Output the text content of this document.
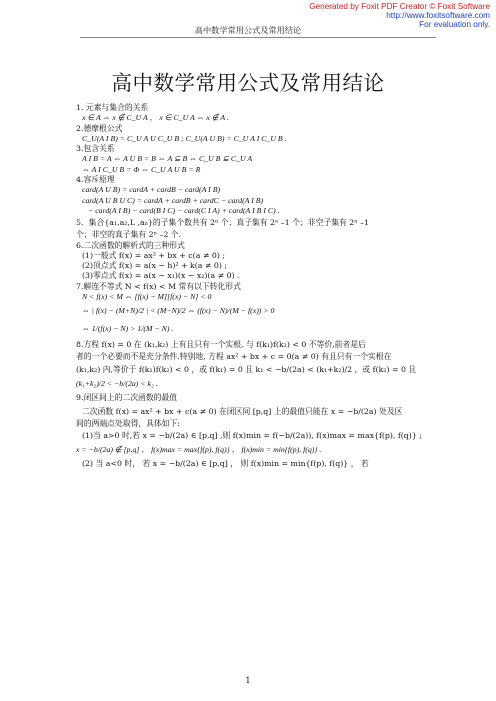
Generated by Foxit PDF Creator © Foxit Software
http://www.foxitsoftware.com
For evaluation only.
高中数学常用公式及常用结论
高中数学常用公式及常用结论
1. 元素与集合的关系
x ∈ A ⇔ x ∉ C_U A ， x ∈ C_U A ⇔ x ∉ A .
2.德摩根公式
C_U(A I B) = C_U A U C_U B ; C_U(A U B) = C_U A I C_U B .
3.包含关系
A I B = A ⇔ A U B = B ⇔ A ⊆ B ⇔ C_U B ⊆ C_U A
⇔ A I C_U B = Φ ⇔ C_U A U B = R
4.容斥原理
card(A U B) = cardA + cardB − card(A I B)
card(A U B U C) = cardA + cardB + cardC − card(A I B)
− card(A I B) − card(B I C) − card(C I A) + card(A I B I C) .
5．集合{a₁,a₂,L ,aₙ}的子集个数共有 2ⁿ 个；真子集有 2ⁿ –1 个；非空子集有 2ⁿ –1
个；非空的真子集有 2ⁿ –2 个.
6.二次函数的解析式的三种形式
(1)一般式 f(x) = ax² + bx + c(a ≠ 0) ;
(2)顶点式 f(x) = a(x − h)² + k(a ≠ 0) ;
(3)零点式 f(x) = a(x − x₁)(x − x₂)(a ≠ 0) .
7.解连不等式 N < f(x) < M 常有以下转化形式
N < f(x) < M ⇔ [f(x) − M][f(x) − N] < 0
⇔ | f(x) − (M+N)/2 | < (M−N)/2 ⇔ (f(x) − N)/(M − f(x)) > 0
⇔ 1/(f(x) − N) > 1/(M − N) .
8.方程 f(x) = 0 在 (k₁,k₂) 上有且只有一个实根, 与 f(k₁)f(k₂) < 0 不等价,前者是后
者的一个必要而不是充分条件.特别地, 方程 ax² + bx + c = 0(a ≠ 0) 有且只有一个实根在
(k₁,k₂) 内,等价于 f(k₁)f(k₂) < 0 ，或 f(k₁) = 0 且 k₁ < −b/(2a) < (k₁+k₂)/2 ，或 f(k₂) = 0 且
(k₁+k₂)/2 < −b/(2a) < k₂ .
9.闭区间上的二次函数的最值
二次函数 f(x) = ax² + bx + c(a ≠ 0) 在闭区间 [p,q] 上的最值只能在 x = −b/(2a) 处及区
间的两端点处取得，具体如下:
(1)当 a>0 时,若 x = −b/(2a) ∈ [p,q] ,则 f(x)min = f(−b/(2a)), f(x)max = max{f(p), f(q)} ;
x = −b/(2a) ∉ [p,q] ， f(x)max = max{f(p), f(q)} ， f(x)min = min{f(p), f(q)} .
(2) 当 a<0 时， 若 x = −b/(2a) ∈ [p,q] ， 则 f(x)min = min{f(p), f(q)} ， 若
1
